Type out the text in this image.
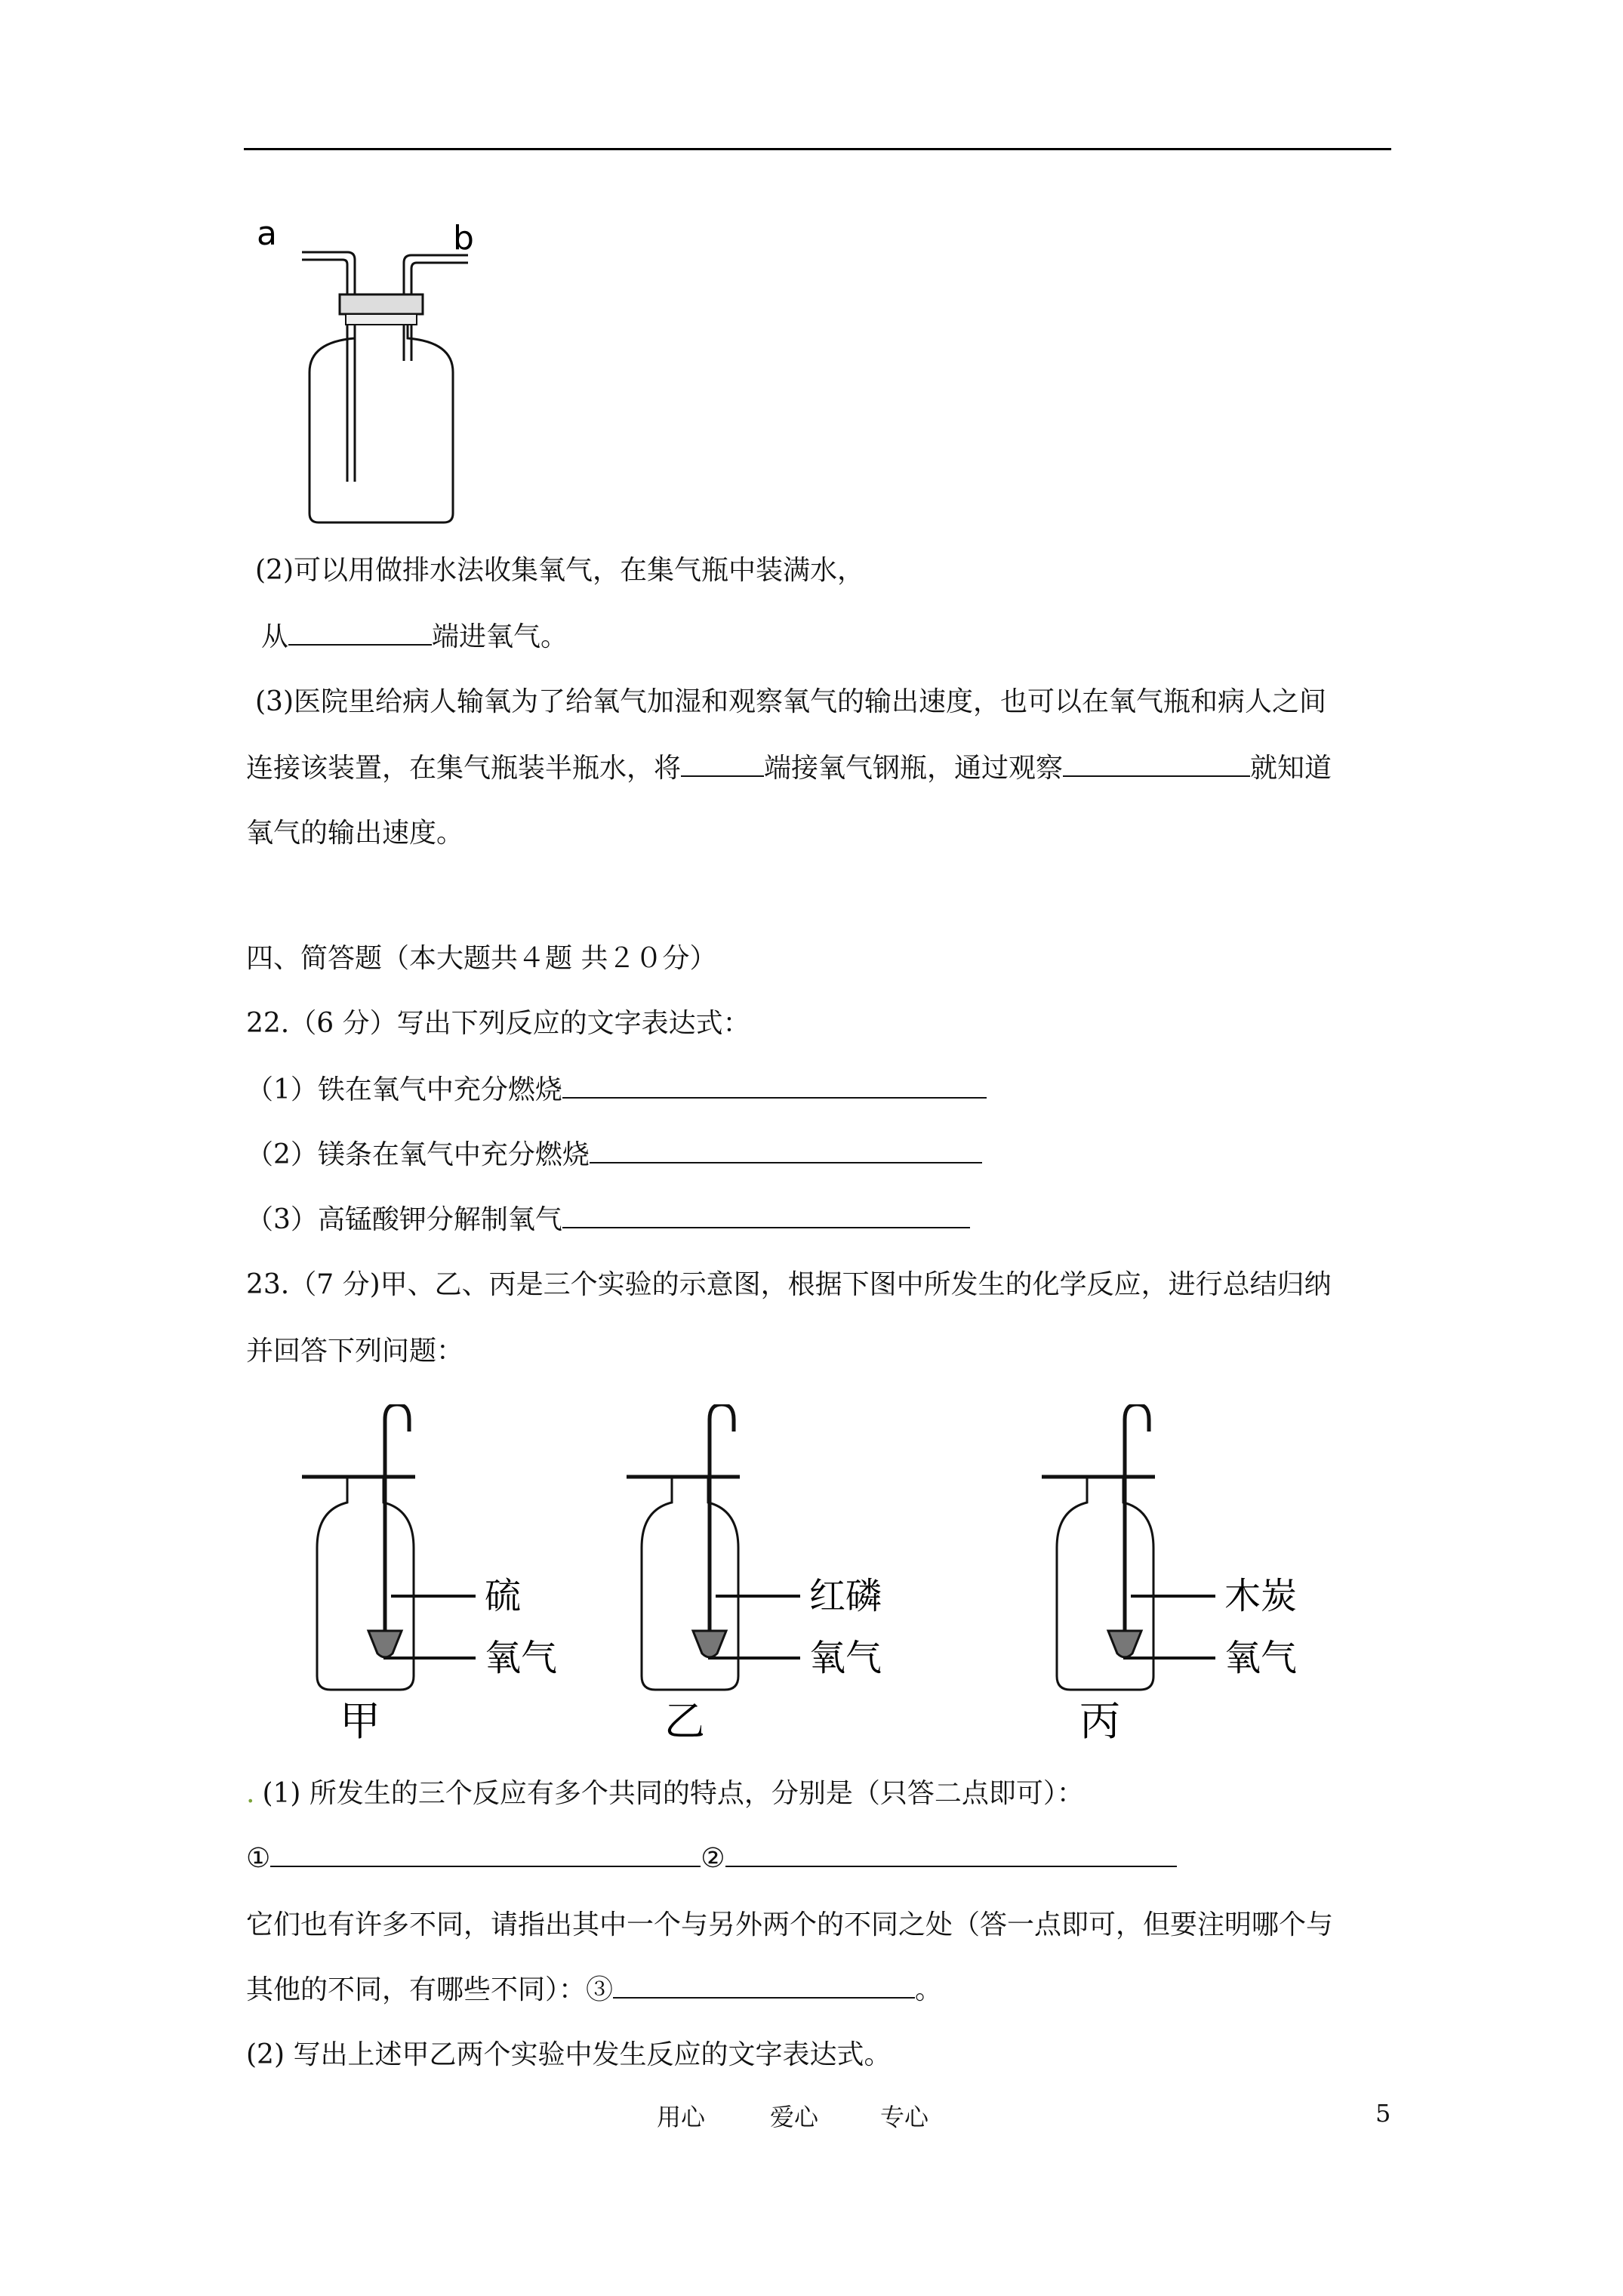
a	b
(2)可以用做排水法收集氧气，在集气瓶中装满水，
从	端进氧气。
(3)医院里给病人输氧为了给氧气加湿和观察氧气的输出速度，也可以在氧气瓶和病人之间
连接该装置，在集气瓶装半瓶水，将	端接氧气钢瓶，通过观察	就知道
氧气的输出速度。
四、简答题（本大题共４题 共２０分）
22.（6 分）写出下列反应的文字表达式：
（1）铁在氧气中充分燃烧
（2）镁条在氧气中充分燃烧
（3）高锰酸钾分解制氧气
23.（7 分)甲、乙、丙是三个实验的示意图，根据下图中所发生的化学反应，进行总结归纳
并回答下列问题：
硫
氧气
甲
红磷
氧气
乙
木炭
氧气
丙
. (1) 所发生的三个反应有多个共同的特点，分别是（只答二点即可）：
①	②
它们也有许多不同，请指出其中一个与另外两个的不同之处（答一点即可，但要注明哪个与
其他的不同，有哪些不同）：③	。
(2) 写出上述甲乙两个实验中发生反应的文字表达式。
用心	爱心	专心	5
